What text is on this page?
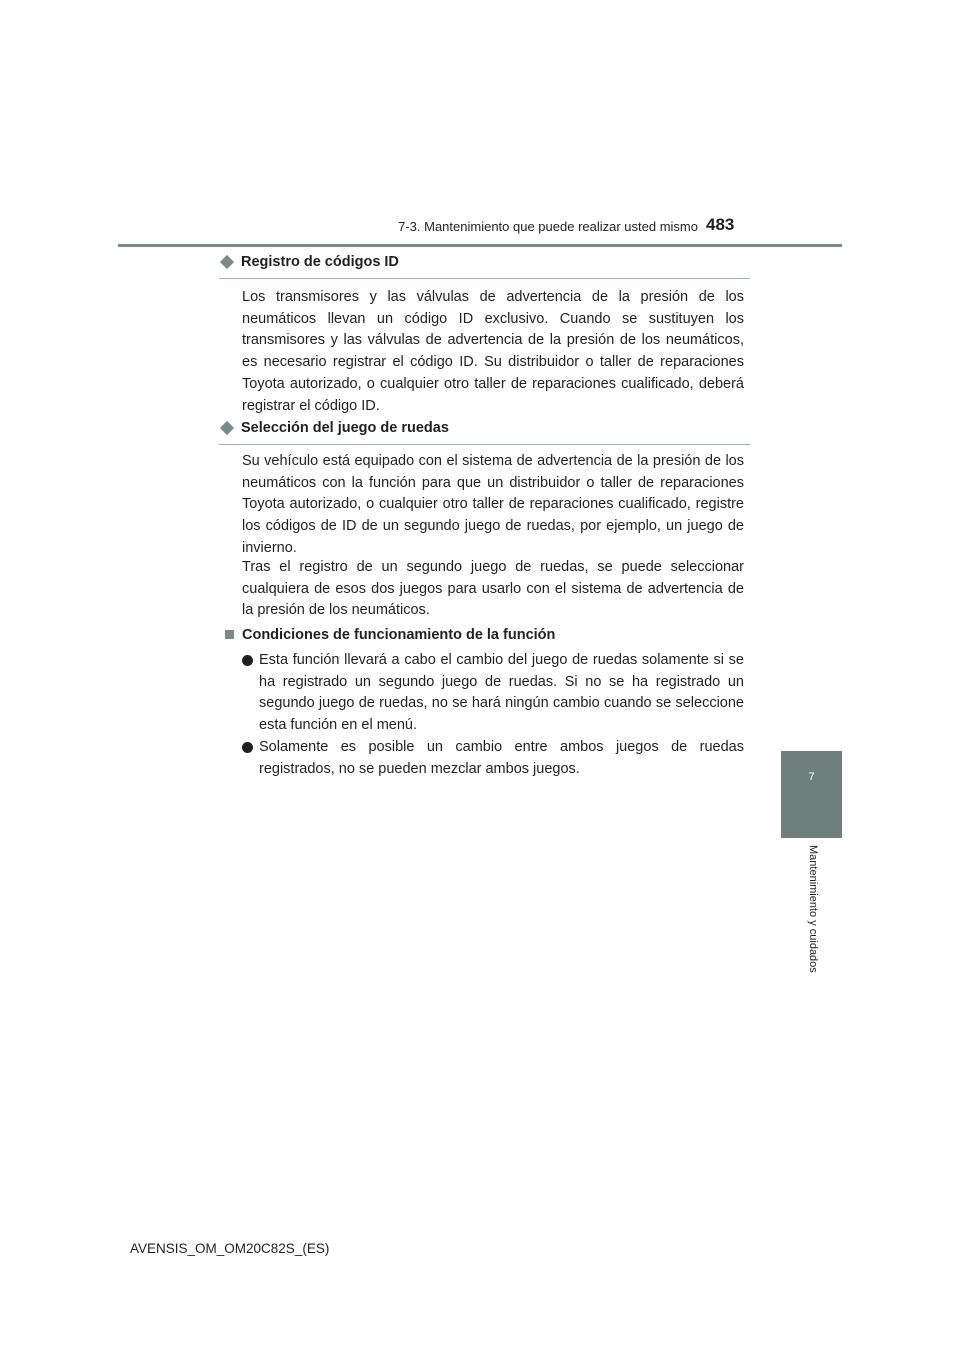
7-3. Mantenimiento que puede realizar usted mismo 483
7
Mantenimiento y cuidados
Registro de códigos ID

Los transmisores y las válvulas de advertencia de la presión de los neumáticos llevan un código ID exclusivo. Cuando se sustituyen los transmisores y las válvulas de advertencia de la presión de los neumáticos, es necesario registrar el código ID. Su distribuidor o taller de reparaciones Toyota autorizado, o cualquier otro taller de reparaciones cualificado, deberá registrar el código ID.

Selección del juego de ruedas

Su vehículo está equipado con el sistema de advertencia de la presión de los neumáticos con la función para que un distribuidor o taller de reparaciones Toyota autorizado, o cualquier otro taller de reparaciones cualificado, registre los códigos de ID de un segundo juego de ruedas, por ejemplo, un juego de invierno.

Tras el registro de un segundo juego de ruedas, se puede seleccionar cualquiera de esos dos juegos para usarlo con el sistema de advertencia de la presión de los neumáticos.

Condiciones de funcionamiento de la función
Esta función llevará a cabo el cambio del juego de ruedas solamente si se ha registrado un segundo juego de ruedas. Si no se ha registrado un segundo juego de ruedas, no se hará ningún cambio cuando se seleccione esta función en el menú.
Solamente es posible un cambio entre ambos juegos de ruedas registrados, no se pueden mezclar ambos juegos.
AVENSIS_OM_OM20C82S_(ES)
